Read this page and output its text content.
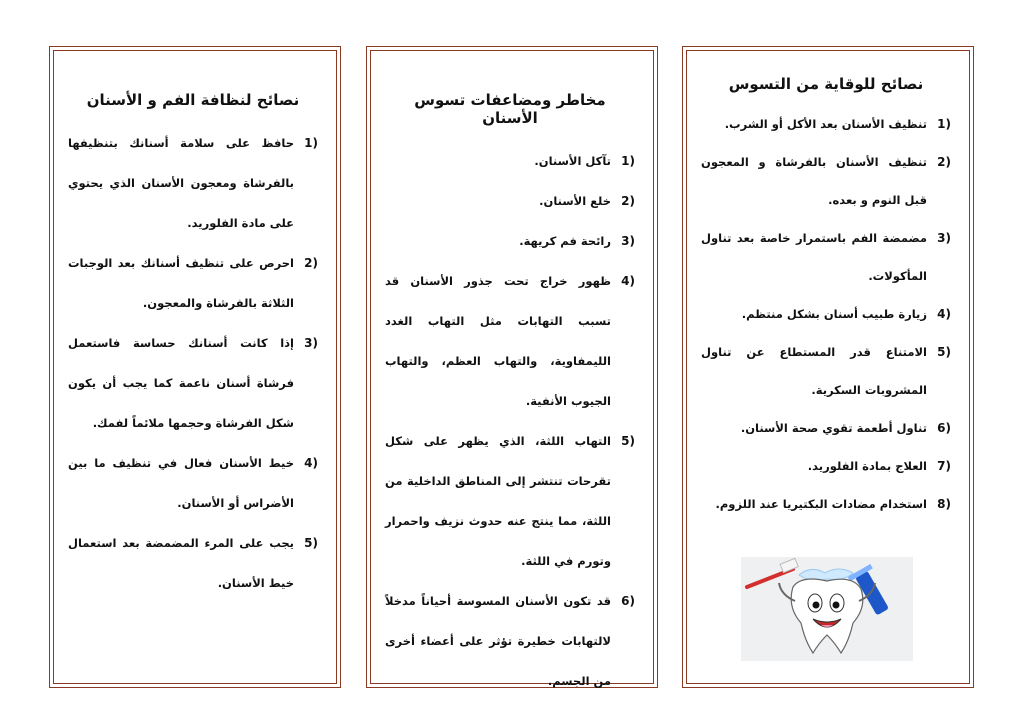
نصائح للوقاية من التسوس
1)
تنظيف الأسنان بعد الأكل أو الشرب.
2)
تنظيف الأسنان بالفرشاة و المعجون قبل النوم و بعده.
3)
مضمضة الفم باستمرار خاصة بعد تناول المأكولات.
4)
زيارة طبيب أسنان بشكل منتظم.
5)
الامتناع قدر المستطاع عن تناول المشروبات السكرية.
6)
تناول أطعمة تقوي صحة الأسنان.
7)
العلاج بمادة الفلوريد.
8)
استخدام مضادات البكتيريا عند اللزوم.
مخاطر ومضاعفات تسوس الأسنان
1)
تآكل الأسنان.
2)
خلع الأسنان.
3)
رائحة فم كريهة.
4)
ظهور خراج تحت جذور الأسنان قد تسبب التهابات مثل التهاب الغدد الليمفاوية، والتهاب العظم، والتهاب الجيوب الأنفية.
5)
التهاب اللثة، الذي يظهر على شكل تقرحات تنتشر إلى المناطق الداخلية من اللثة، مما ينتج عنه حدوث نزيف واحمرار وتورم في اللثة.
6)
قد تكون الأسنان المسوسة أحياناً مدخلاً لالتهابات خطيرة تؤثر على أعضاء أخرى من الجسم.
نصائح لنظافة الفم و الأسنان
1)
حافظ على سلامة أسنانك بتنظيفها بالفرشاة ومعجون الأسنان الذي يحتوي على مادة الفلوريد.
2)
احرص على تنظيف أسنانك بعد الوجبات الثلاثة بالفرشاة والمعجون.
3)
إذا كانت أسنانك حساسة فاستعمل فرشاة أسنان ناعمة كما يجب أن يكون شكل الفرشاة وحجمها ملائماً لفمك.
4)
خيط الأسنان فعال في تنظيف ما بين الأضراس أو الأسنان.
5)
يجب على المرء المضمضة بعد استعمال خيط الأسنان.
